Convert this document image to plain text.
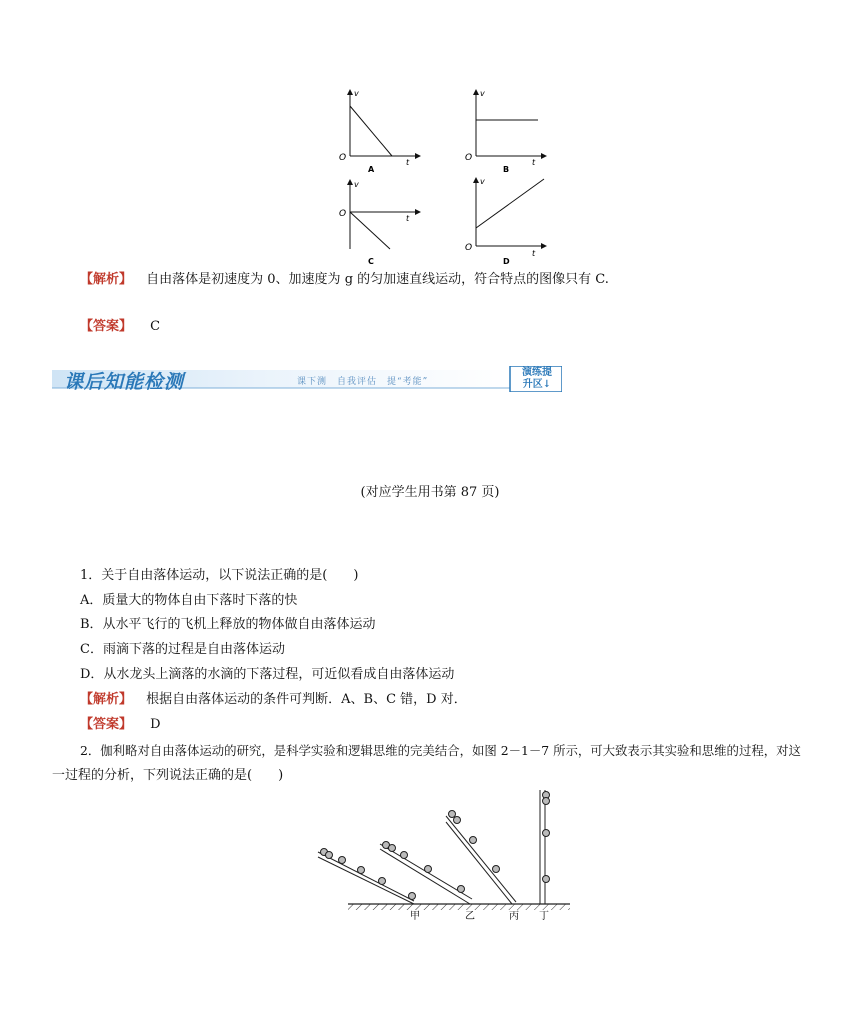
v
t
O
A
v
t
O
B
v
t
O
C
v
t
O
D
【解析】 自由落体是初速度为 0、加速度为 g 的匀加速直线运动，符合特点的图像只有 C.
【答案】 C
课后知能检测	课下测　自我评估　提“考能”
演练提
升区↓
(对应学生用书第 87 页)
1．关于自由落体运动，以下说法正确的是(　　)
A．质量大的物体自由下落时下落的快
B．从水平飞行的飞机上释放的物体做自由落体运动
C．雨滴下落的过程是自由落体运动
D．从水龙头上滴落的水滴的下落过程，可近似看成自由落体运动
【解析】 根据自由落体运动的条件可判断．A、B、C 错，D 对．
【答案】 D
2．伽利略对自由落体运动的研究，是科学实验和逻辑思维的完美结合，如图 2－1－7 所示，可大致表示其实验和思维的过程，对这
一过程的分析，下列说法正确的是(　　)
甲	乙	丙 丁
